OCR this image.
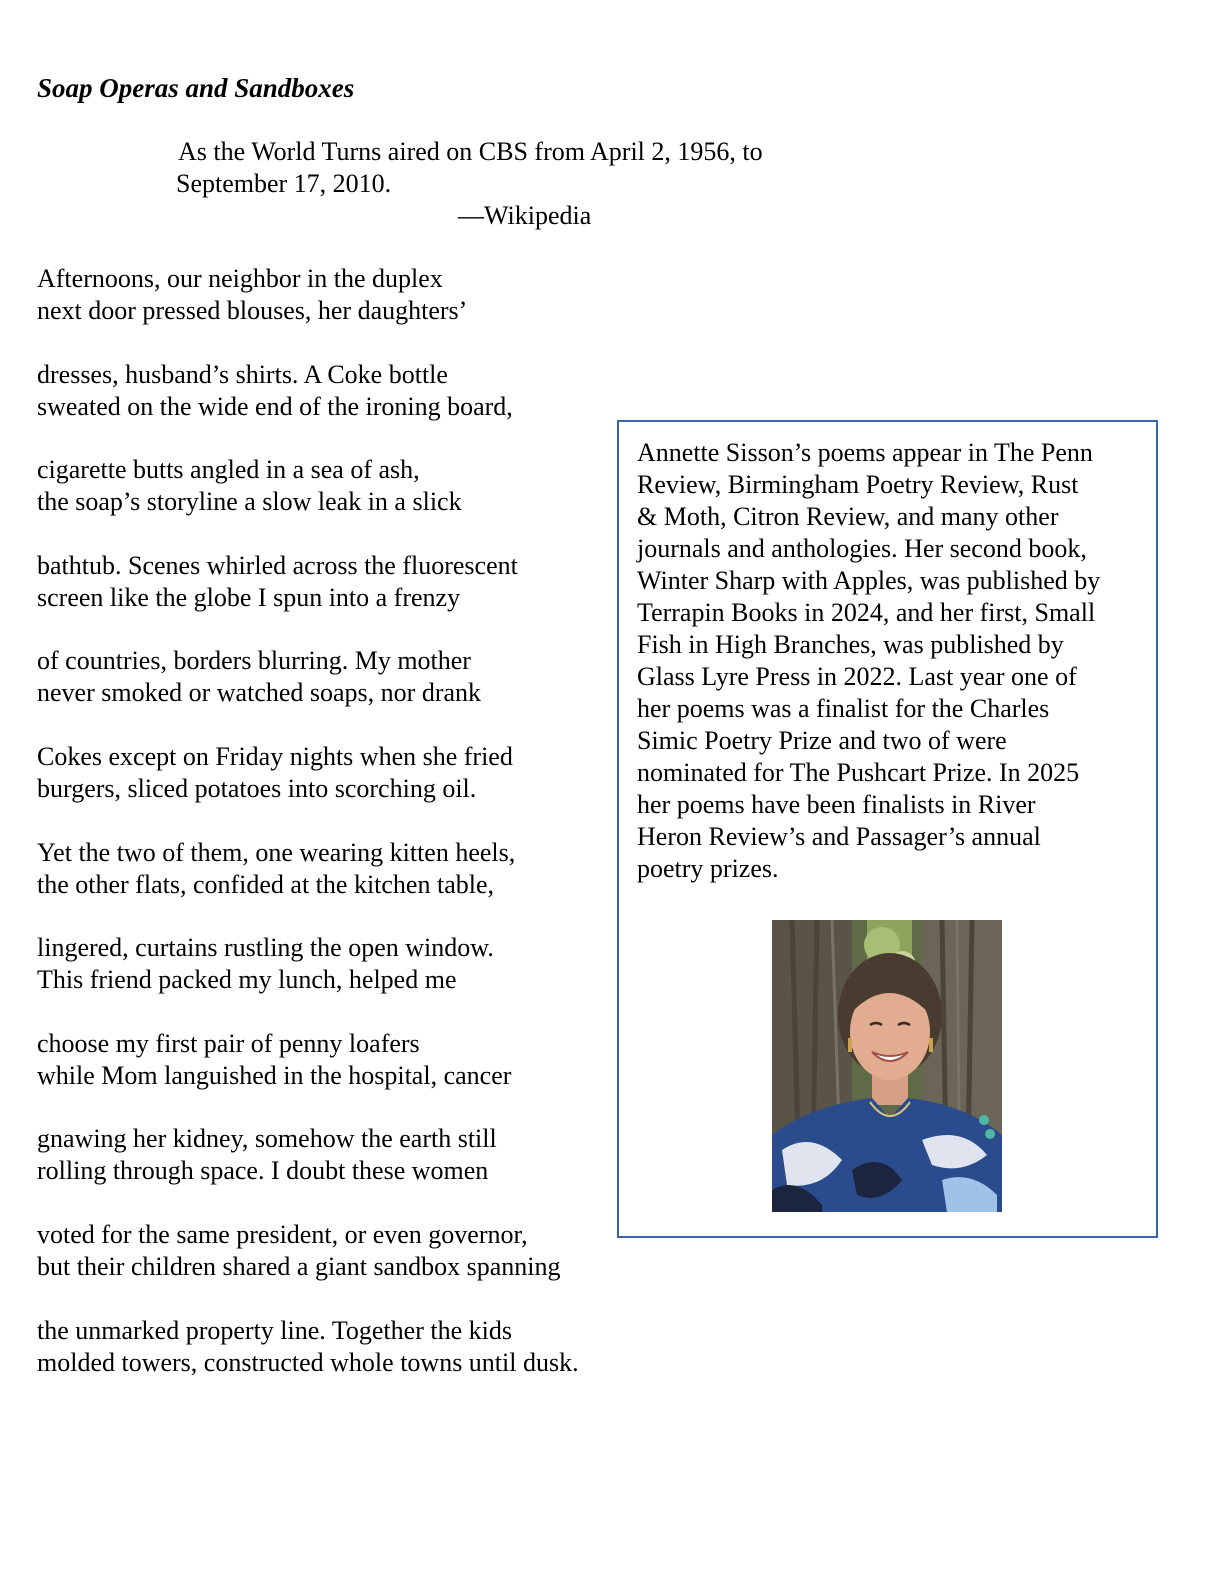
Soap Operas and Sandboxes
As the World Turns aired on CBS from April 2, 1956, to
September 17, 2010.
—Wikipedia
Afternoons, our neighbor in the duplex
next door pressed blouses, her daughters’
dresses, husband’s shirts. A Coke bottle
sweated on the wide end of the ironing board,
cigarette butts angled in a sea of ash,
the soap’s storyline a slow leak in a slick
bathtub. Scenes whirled across the fluorescent
screen like the globe I spun into a frenzy
of countries, borders blurring. My mother
never smoked or watched soaps, nor drank
Cokes except on Friday nights when she fried
burgers, sliced potatoes into scorching oil.
Yet the two of them, one wearing kitten heels,
the other flats, confided at the kitchen table,
lingered, curtains rustling the open window.
This friend packed my lunch, helped me
choose my first pair of penny loafers
while Mom languished in the hospital, cancer
gnawing her kidney, somehow the earth still
rolling through space. I doubt these women
voted for the same president, or even governor,
but their children shared a giant sandbox spanning
the unmarked property line. Together the kids
molded towers, constructed whole towns until dusk.
Annette Sisson’s poems appear in The Penn
Review, Birmingham Poetry Review, Rust
& Moth, Citron Review, and many other
journals and anthologies. Her second book,
Winter Sharp with Apples, was published by
Terrapin Books in 2024, and her first, Small
Fish in High Branches, was published by
Glass Lyre Press in 2022. Last year one of
her poems was a finalist for the Charles
Simic Poetry Prize and two of were
nominated for The Pushcart Prize. In 2025
her poems have been finalists in River
Heron Review’s and Passager’s annual
poetry prizes.
